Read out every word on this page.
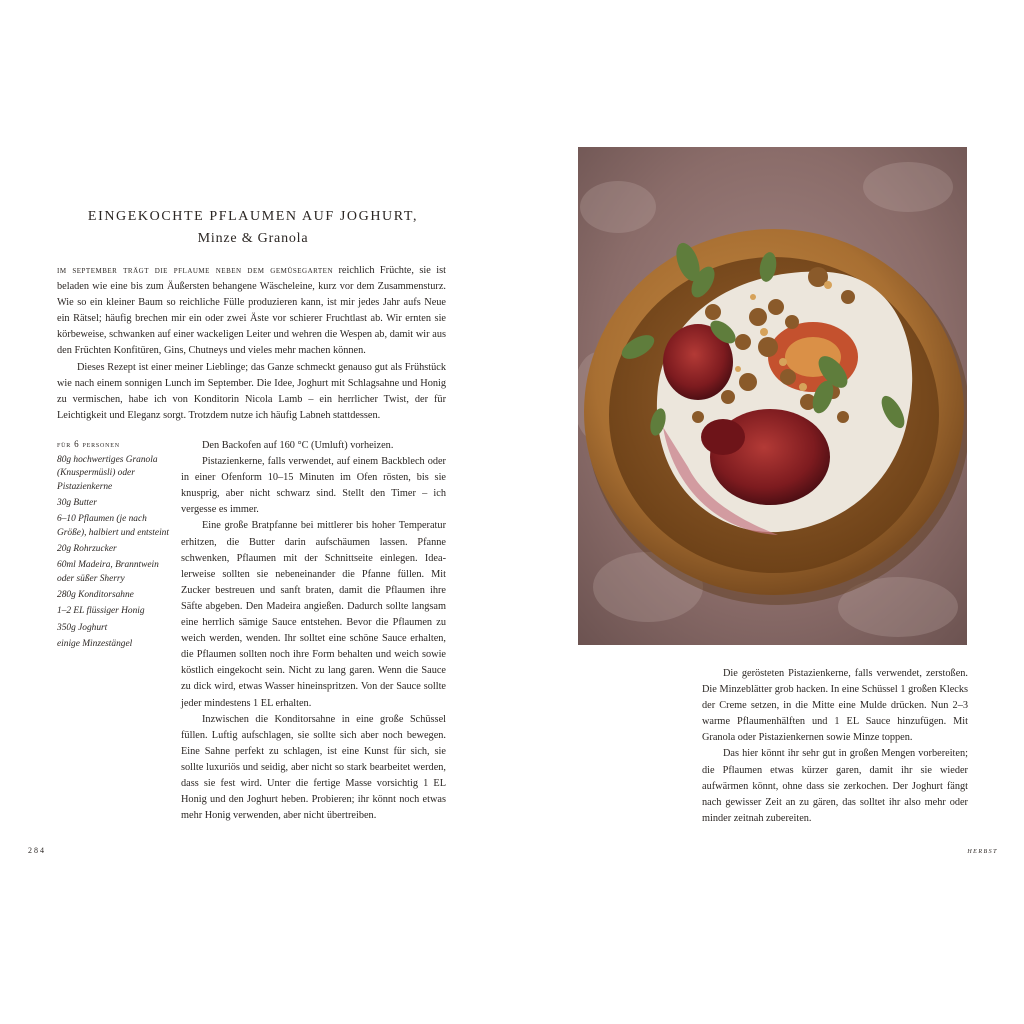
EINGEKOCHTE PFLAUMEN AUF JOGHURT,
Minze & Granola

im september trägt die pflaume neben dem gemüsegarten reichlich Früchte, sie ist beladen wie eine bis zum Äußersten behangene Wäscheleine, kurz vor dem Zusammensturz. Wie so ein kleiner Baum so reichliche Fülle produzieren kann, ist mir jedes Jahr aufs Neue ein Rätsel; häufig brechen mir ein oder zwei Äste vor schierer Fruchtlast ab. Wir ernten sie körbeweise, schwanken auf einer wackeligen Leiter und wehren die Wespen ab, damit wir aus den Früchten Konfitüren, Gins, Chutneys und vieles mehr machen können.

Dieses Rezept ist einer meiner Lieblinge; das Ganze schmeckt genauso gut als Frühstück wie nach einem sonnigen Lunch im September. Die Idee, Joghurt mit Schlagsahne und Honig zu vermischen, habe ich von Konditorin Nicola Lamb – ein herrlicher Twist, der für Leichtigkeit und Eleganz sorgt. Trotzdem nutze ich häufig Labneh stattdessen.

für 6 personen
80g hochwertiges Granola (Knuspermüsli) oder Pistazienkerne
30g Butter
6–10 Pflaumen (je nach Größe), halbiert und entsteint
20g Rohrzucker
60ml Madeira, Branntwein oder süßer Sherry
280g Konditorsahne
1–2 EL flüssiger Honig
350g Joghurt
einige Minzestängel

Den Backofen auf 160 °C (Umluft) vorheizen.

Pistazienkerne, falls verwendet, auf einem Backblech oder in einer Ofenform 10–15 Minuten im Ofen rösten, bis sie knusprig, aber nicht schwarz sind. Stellt den Timer – ich vergesse es immer.

Eine große Bratpfanne bei mittlerer bis hoher Temperatur erhitzen, die Butter darin aufschäumen lassen. Pfanne schwenken, Pflaumen mit der Schnittseite einlegen. Idealerweise sollten sie nebeneinander die Pfanne füllen. Mit Zucker bestreuen und sanft braten, damit die Pflaumen ihre Säfte abgeben. Den Madeira angießen. Dadurch sollte langsam eine herrlich sämige Sauce entstehen. Bevor die Pflaumen zu weich werden, wenden. Ihr solltet eine schöne Sauce erhalten, die Pflaumen sollten noch ihre Form behalten und weich sowie köstlich eingekocht sein. Nicht zu lang garen. Wenn die Sauce zu dick wird, etwas Wasser hineinspritzen. Von der Sauce sollte jeder mindestens 1 EL erhalten.

Inzwischen die Konditorsahne in eine große Schüssel füllen. Luftig aufschlagen, sie sollte sich aber noch bewegen. Eine Sahne perfekt zu schlagen, ist eine Kunst für sich, sie sollte luxuriös und seidig, aber nicht so stark bearbeitet werden, dass sie fest wird. Unter die fertige Masse vorsichtig 1 EL Honig und den Joghurt heben. Probieren; ihr könnt noch etwas mehr Honig verwenden, aber nicht übertreiben.

284

Die gerösteten Pistazienkerne, falls verwendet, zerstoßen. Die Minzeblätter grob hacken. In eine Schüssel 1 großen Klecks der Creme setzen, in die Mitte eine Mulde drücken. Nun 2–3 warme Pflaumenhälften und 1 EL Sauce hinzufügen. Mit Granola oder Pistazienkernen sowie Minze toppen.

Das hier könnt ihr sehr gut in großen Mengen vorbereiten; die Pflaumen etwas kürzer garen, damit ihr sie wieder aufwärmen könnt, ohne dass sie zerkochen. Der Joghurt fängt nach gewisser Zeit an zu gären, das solltet ihr also mehr oder minder zeitnah zubereiten.

herbst
